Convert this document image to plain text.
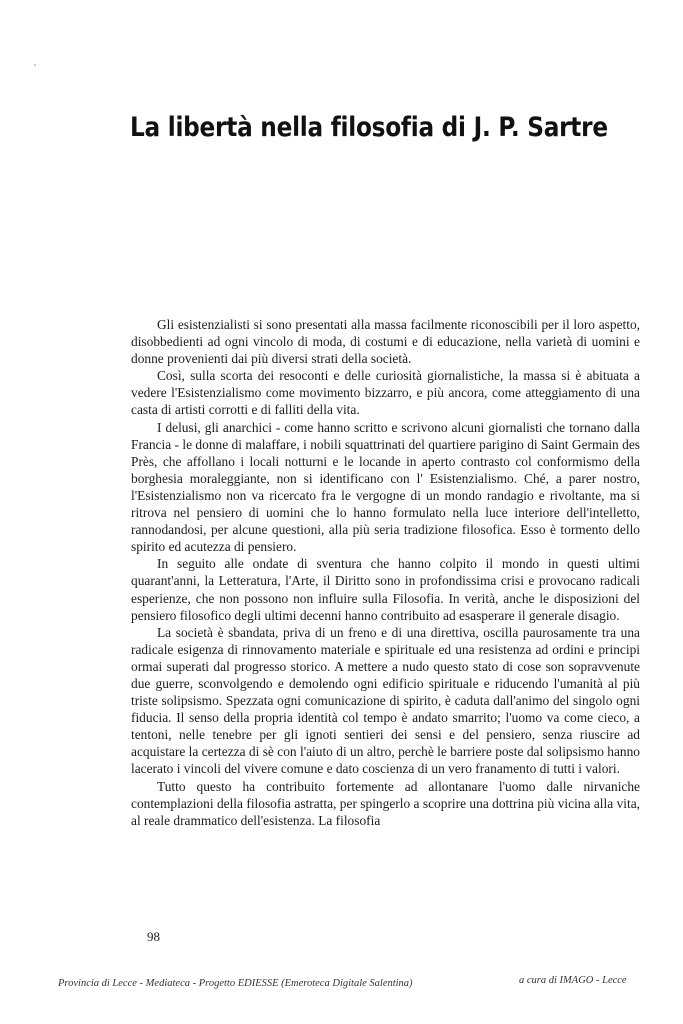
La libertà nella filosofia di J. P. Sartre

Gli esistenzialisti si sono presentati alla massa facilmente riconoscibili per il loro aspetto, disobbedienti ad ogni vincolo di moda, di costumi e di educazione, nella varietà di uomini e donne provenienti dai più diversi strati della società.

Così, sulla scorta dei resoconti e delle curiosità giornalistiche, la massa si è abituata a vedere l'Esistenzialismo come movimento bizzarro, e più ancora, come atteggiamento di una casta di artisti corrotti e di falliti della vita.

I delusi, gli anarchici - come hanno scritto e scrivono alcuni giornalisti che tornano dalla Francia - le donne di malaffare, i nobili squattrinati del quartiere parigino di Saint Germain des Près, che affollano i locali notturni e le locande in aperto contrasto col conformismo della borghesia moraleggiante, non si identificano con l' Esistenzialismo. Ché, a parer nostro, l'Esistenzialismo non va ricercato fra le vergogne di un mondo randagio e rivoltante, ma si ritrova nel pensiero di uomini che lo hanno formulato nella luce interiore dell'intelletto, rannodandosi, per alcune questioni, alla più seria tradizione filosofica. Esso è tormento dello spirito ed acutezza di pensiero.

In seguito alle ondate di sventura che hanno colpito il mondo in questi ultimi quarant'anni, la Letteratura, l'Arte, il Diritto sono in profondissima crisi e provocano radicali esperienze, che non possono non influire sulla Filosofia. In verità, anche le disposizioni del pensiero filosofico degli ultimi decenni hanno contribuito ad esasperare il generale disagio.

La società è sbandata, priva di un freno e di una direttiva, oscilla paurosamente tra una radicale esigenza di rinnovamento materiale e spirituale ed una resistenza ad ordini e principi ormai superati dal progresso storico. A mettere a nudo questo stato di cose son sopravvenute due guerre, sconvolgendo e demolendo ogni edificio spirituale e riducendo l'umanità al più triste solipsismo. Spezzata ogni comunicazione di spirito, è caduta dall'animo del singolo ogni fiducia. Il senso della propria identità col tempo è andato smarrito; l'uomo va come cieco, a tentoni, nelle tenebre per gli ignoti sentieri dei sensi e del pensiero, senza riuscire ad acquistare la certezza di sè con l'aiuto di un altro, perchè le barriere poste dal solipsismo hanno lacerato i vincoli del vivere comune e dato coscienza di un vero franamento di tutti i valori.

Tutto questo ha contribuito fortemente ad allontanare l'uomo dalle nirvaniche contemplazioni della filosofia astratta, per spingerlo a scoprire una dottrina più vicina alla vita, al reale drammatico dell'esistenza. La filosofia

98
Provincia di Lecce - Mediateca - Progetto EDIESSE (Emeroteca Digitale Salentina)	a cura di IMAGO - Lecce
